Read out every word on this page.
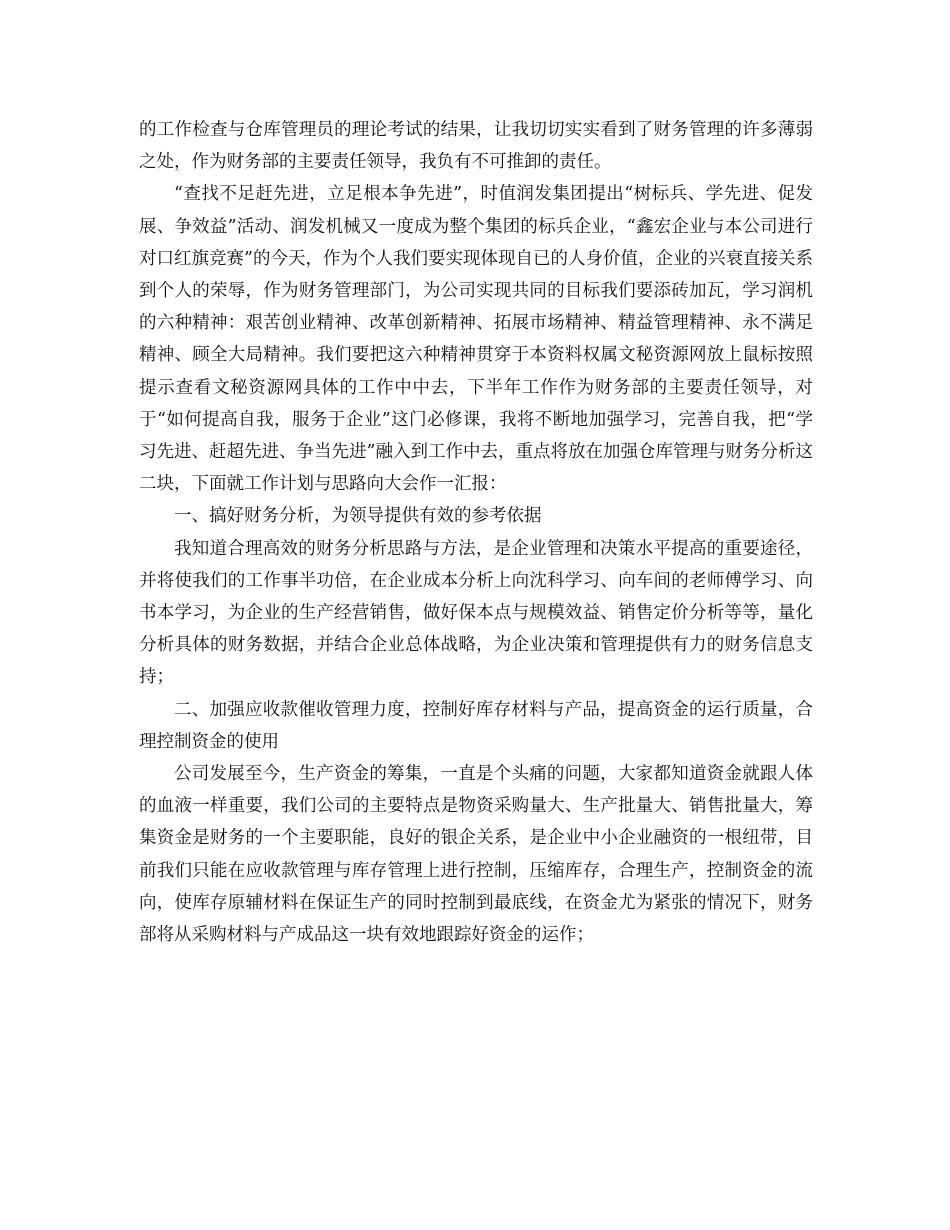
的工作检查与仓库管理员的理论考试的结果，让我切切实实看到了财务管理的许多薄弱之处，作为财务部的主要责任领导，我负有不可推卸的责任。

“查找不足赶先进，立足根本争先进”，时值润发集团提出“树标兵、学先进、促发展、争效益”活动、润发机械又一度成为整个集团的标兵企业，“鑫宏企业与本公司进行对口红旗竞赛”的今天，作为个人我们要实现体现自已的人身价值，企业的兴衰直接关系到个人的荣辱，作为财务管理部门，为公司实现共同的目标我们要添砖加瓦，学习润机的六种精神：艰苦创业精神、改革创新精神、拓展市场精神、精益管理精神、永不满足精神、顾全大局精神。我们要把这六种精神贯穿于本资料权属文秘资源网放上鼠标按照提示查看文秘资源网具体的工作中中去，下半年工作作为财务部的主要责任领导，对于“如何提高自我，服务于企业”这门必修课，我将不断地加强学习，完善自我，把“学习先进、赶超先进、争当先进”融入到工作中去，重点将放在加强仓库管理与财务分析这二块，下面就工作计划与思路向大会作一汇报：

一、搞好财务分析，为领导提供有效的参考依据

我知道合理高效的财务分析思路与方法，是企业管理和决策水平提高的重要途径，并将使我们的工作事半功倍，在企业成本分析上向沈科学习、向车间的老师傅学习、向书本学习，为企业的生产经营销售，做好保本点与规模效益、销售定价分析等等，量化分析具体的财务数据，并结合企业总体战略，为企业决策和管理提供有力的财务信息支持；

二、加强应收款催收管理力度，控制好库存材料与产品，提高资金的运行质量，合理控制资金的使用

公司发展至今，生产资金的筹集，一直是个头痛的问题，大家都知道资金就跟人体的血液一样重要，我们公司的主要特点是物资采购量大、生产批量大、销售批量大，筹集资金是财务的一个主要职能，良好的银企关系，是企业中小企业融资的一根纽带，目前我们只能在应收款管理与库存管理上进行控制，压缩库存，合理生产，控制资金的流向，使库存原辅材料在保证生产的同时控制到最底线，在资金尤为紧张的情况下，财务部将从采购材料与产成品这一块有效地跟踪好资金的运作；
